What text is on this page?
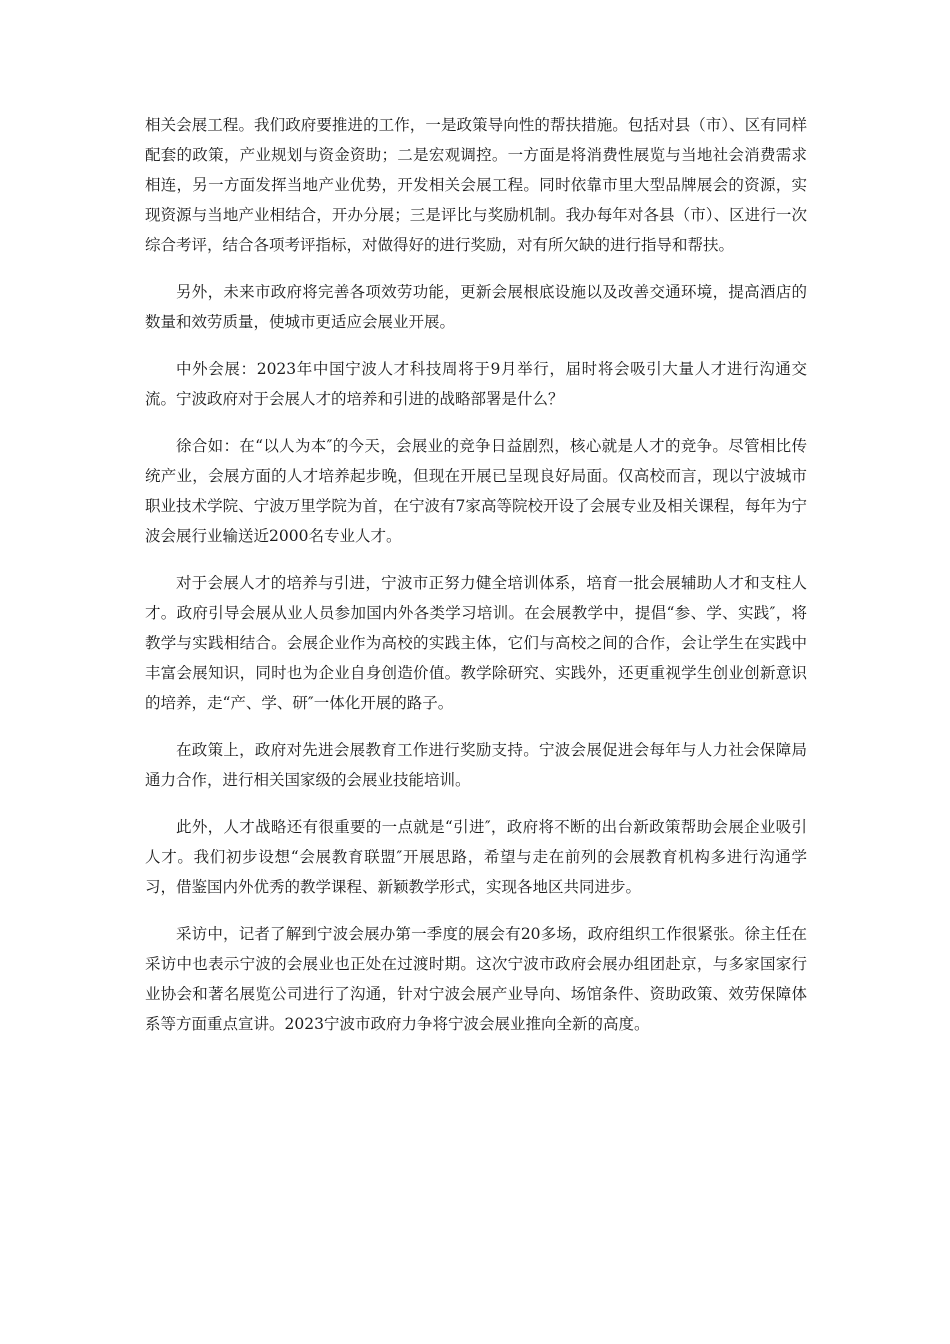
相关会展工程。我们政府要推进的工作，一是政策导向性的帮扶措施。包括对县（市）、区有同样配套的政策，产业规划与资金资助；二是宏观调控。一方面是将消费性展览与当地社会消费需求相连，另一方面发挥当地产业优势，开发相关会展工程。同时依靠市里大型品牌展会的资源，实现资源与当地产业相结合，开办分展；三是评比与奖励机制。我办每年对各县（市）、区进行一次综合考评，结合各项考评指标，对做得好的进行奖励，对有所欠缺的进行指导和帮扶。

另外，未来市政府将完善各项效劳功能，更新会展根底设施以及改善交通环境，提高酒店的数量和效劳质量，使城市更适应会展业开展。

中外会展：2023年中国宁波人才科技周将于9月举行，届时将会吸引大量人才进行沟通交流。宁波政府对于会展人才的培养和引进的战略部署是什么？

徐合如：在“以人为本″的今天，会展业的竞争日益剧烈，核心就是人才的竞争。尽管相比传统产业，会展方面的人才培养起步晚，但现在开展已呈现良好局面。仅高校而言，现以宁波城市职业技术学院、宁波万里学院为首，在宁波有7家高等院校开设了会展专业及相关课程，每年为宁波会展行业输送近2000名专业人才。

对于会展人才的培养与引进，宁波市正努力健全培训体系，培育一批会展辅助人才和支柱人才。政府引导会展从业人员参加国内外各类学习培训。在会展教学中，提倡“参、学、实践″，将教学与实践相结合。会展企业作为高校的实践主体，它们与高校之间的合作，会让学生在实践中丰富会展知识，同时也为企业自身创造价值。教学除研究、实践外，还更重视学生创业创新意识的培养，走“产、学、研″一体化开展的路子。

在政策上，政府对先进会展教育工作进行奖励支持。宁波会展促进会每年与人力社会保障局通力合作，进行相关国家级的会展业技能培训。

此外，人才战略还有很重要的一点就是“引进″，政府将不断的出台新政策帮助会展企业吸引人才。我们初步设想“会展教育联盟″开展思路，希望与走在前列的会展教育机构多进行沟通学习，借鉴国内外优秀的教学课程、新颖教学形式，实现各地区共同进步。

采访中，记者了解到宁波会展办第一季度的展会有20多场，政府组织工作很紧张。徐主任在采访中也表示宁波的会展业也正处在过渡时期。这次宁波市政府会展办组团赴京，与多家国家行业协会和著名展览公司进行了沟通，针对宁波会展产业导向、场馆条件、资助政策、效劳保障体系等方面重点宣讲。2023宁波市政府力争将宁波会展业推向全新的高度。
